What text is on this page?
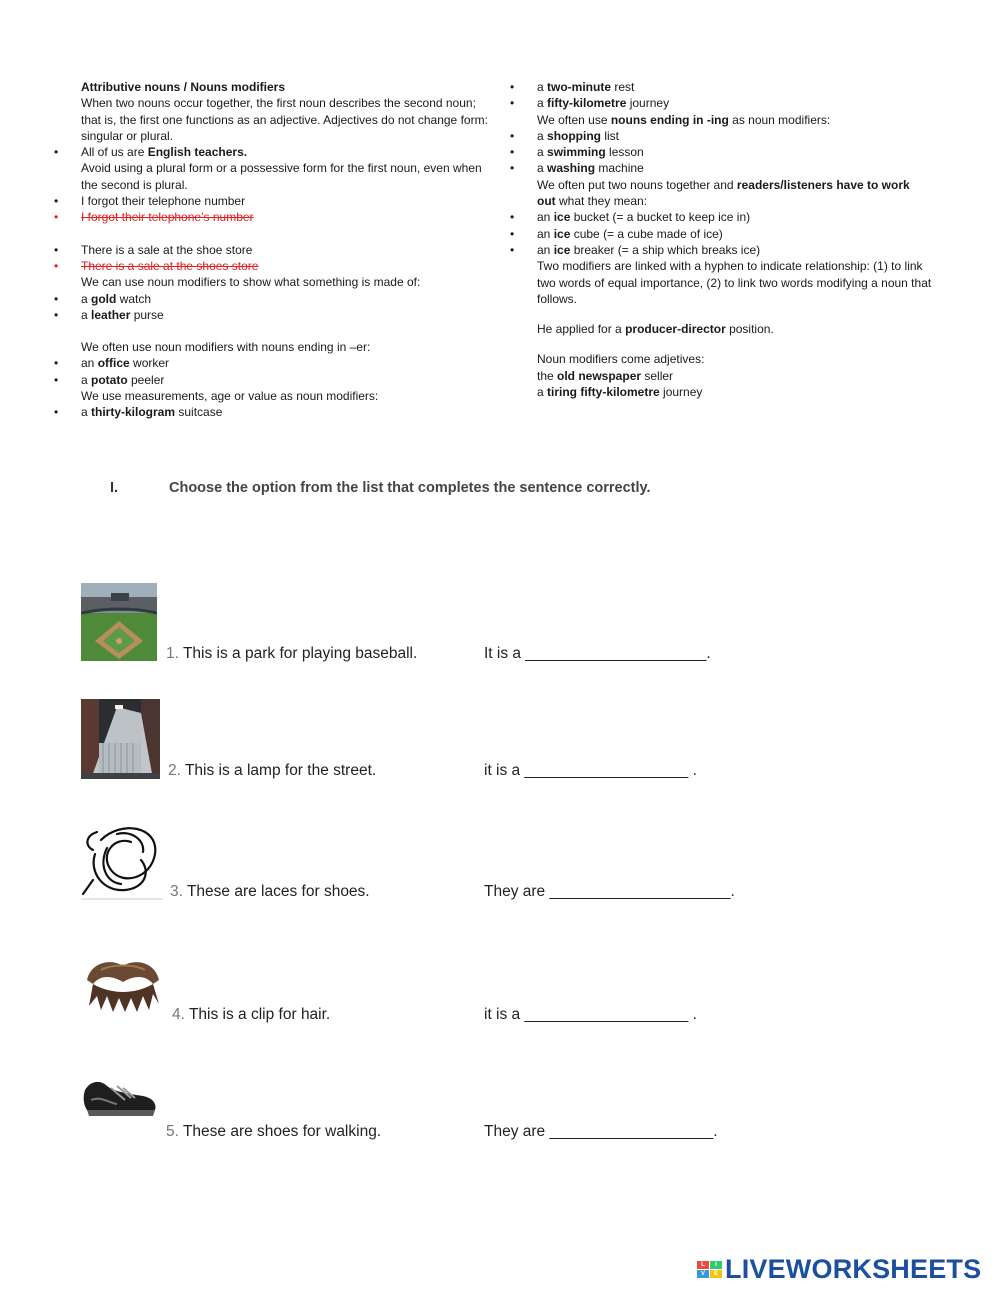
Attributive nouns / Nouns modifiers

When two nouns occur together, the first noun describes the second noun; that is, the first one functions as an adjective. Adjectives do not change form: singular or plural.

• All of us are English teachers.

Avoid using a plural form or a possessive form for the first noun, even when the second is plural.

• I forgot their telephone number
• I forgot their telephone’s number
• There is a sale at the shoe store
• There is a sale at the shoes store

We can use noun modifiers to show what something is made of:

• a gold watch
• a leather purse

We often use noun modifiers with nouns ending in –er:

• an office worker
• a potato peeler

We use measurements, age or value as noun modifiers:

• a thirty-kilogram suitcase
• a two-minute rest
• a fifty-kilometre journey

We often use nouns ending in -ing as noun modifiers:

• a shopping list
• a swimming lesson
• a washing machine

We often put two nouns together and readers/listeners have to work
out what they mean:

• an ice bucket (= a bucket to keep ice in)
• an ice cube (= a cube made of ice)
• an ice breaker (= a ship which breaks ice)

Two modifiers are linked with a hyphen to indicate relationship: (1) to link two words of equal importance, (2) to link two words modifying a noun that follows.

He applied for a producer-director position.

Noun modifiers come adjetives:

the old newspaper seller

a tiring fifty-kilometre journey

I.	Choose the option from the list that completes the sentence correctly.
1. This is a park for playing baseball.	It is a _____________________.
2. This is a lamp for the street.	it is a ___________________ .
3. These are laces for shoes.	They are _____________________.
4. This is a clip for hair.	it is a ___________________ .
5. These are shoes for walking.	They are ___________________.
L	I
V	E LIVEWORKSHEETS
